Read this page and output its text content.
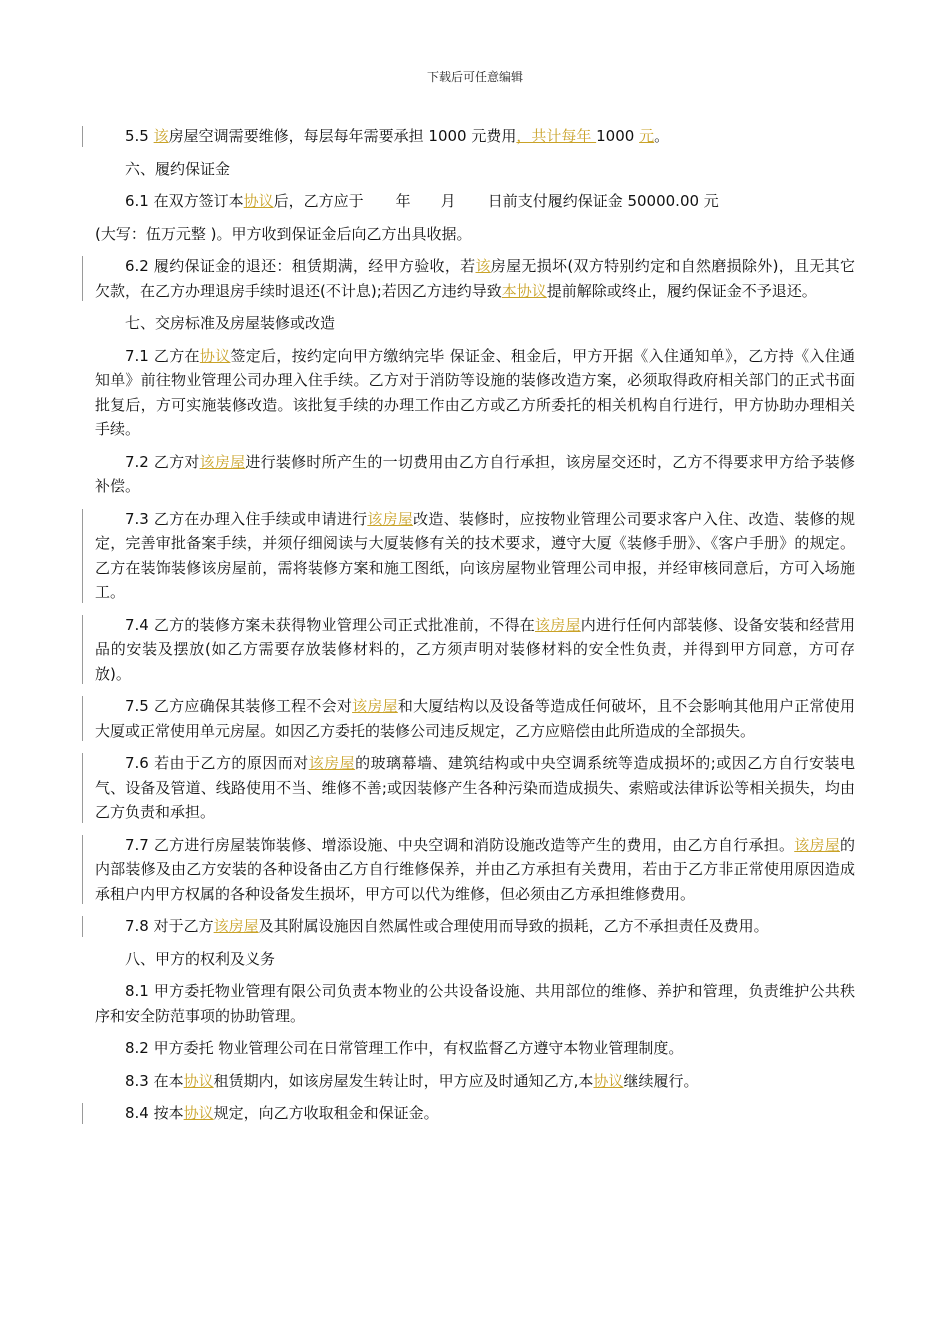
下载后可任意编辑

5.5 该房屋空调需要维修，每层每年需要承担 1000 元费用，共计每年 1000 元。

六、履约保证金

6.1 在双方签订本协议后，乙方应于 年 月 日前支付履约保证金 50000.00 元

(大写：伍万元整 )。甲方收到保证金后向乙方出具收据。

6.2 履约保证金的退还：租赁期满，经甲方验收，若该房屋无损坏(双方特别约定和自然磨损除外)，且无其它欠款，在乙方办理退房手续时退还(不计息);若因乙方违约导致本协议提前解除或终止，履约保证金不予退还。

七、交房标准及房屋装修或改造

7.1 乙方在协议签定后，按约定向甲方缴纳完毕 保证金、租金后，甲方开据《入住通知单》，乙方持《入住通知单》前往物业管理公司办理入住手续。乙方对于消防等设施的装修改造方案，必须取得政府相关部门的正式书面批复后，方可实施装修改造。该批复手续的办理工作由乙方或乙方所委托的相关机构自行进行，甲方协助办理相关手续。

7.2 乙方对该房屋进行装修时所产生的一切费用由乙方自行承担，该房屋交还时，乙方不得要求甲方给予装修补偿。

7.3 乙方在办理入住手续或申请进行该房屋改造、装修时，应按物业管理公司要求客户入住、改造、装修的规定，完善审批备案手续，并须仔细阅读与大厦装修有关的技术要求，遵守大厦《装修手册》、《客户手册》的规定。乙方在装饰装修该房屋前，需将装修方案和施工图纸，向该房屋物业管理公司申报，并经审核同意后，方可入场施工。

7.4 乙方的装修方案未获得物业管理公司正式批准前，不得在该房屋内进行任何内部装修、设备安装和经营用品的安装及摆放(如乙方需要存放装修材料的，乙方须声明对装修材料的安全性负责，并得到甲方同意，方可存放)。

7.5 乙方应确保其装修工程不会对该房屋和大厦结构以及设备等造成任何破坏，且不会影响其他用户正常使用大厦或正常使用单元房屋。如因乙方委托的装修公司违反规定，乙方应赔偿由此所造成的全部损失。

7.6 若由于乙方的原因而对该房屋的玻璃幕墙、建筑结构或中央空调系统等造成损坏的;或因乙方自行安装电气、设备及管道、线路使用不当、维修不善;或因装修产生各种污染而造成损失、索赔或法律诉讼等相关损失，均由乙方负责和承担。

7.7 乙方进行房屋装饰装修、增添设施、中央空调和消防设施改造等产生的费用，由乙方自行承担。该房屋的内部装修及由乙方安装的各种设备由乙方自行维修保养，并由乙方承担有关费用，若由于乙方非正常使用原因造成承租户内甲方权属的各种设备发生损坏，甲方可以代为维修，但必须由乙方承担维修费用。

7.8 对于乙方该房屋及其附属设施因自然属性或合理使用而导致的损耗，乙方不承担责任及费用。

八、甲方的权利及义务

8.1 甲方委托物业管理有限公司负责本物业的公共设备设施、共用部位的维修、养护和管理，负责维护公共秩序和安全防范事项的协助管理。

8.2 甲方委托 物业管理公司在日常管理工作中，有权监督乙方遵守本物业管理制度。

8.3 在本协议租赁期内，如该房屋发生转让时，甲方应及时通知乙方,本协议继续履行。

8.4 按本协议规定，向乙方收取租金和保证金。
